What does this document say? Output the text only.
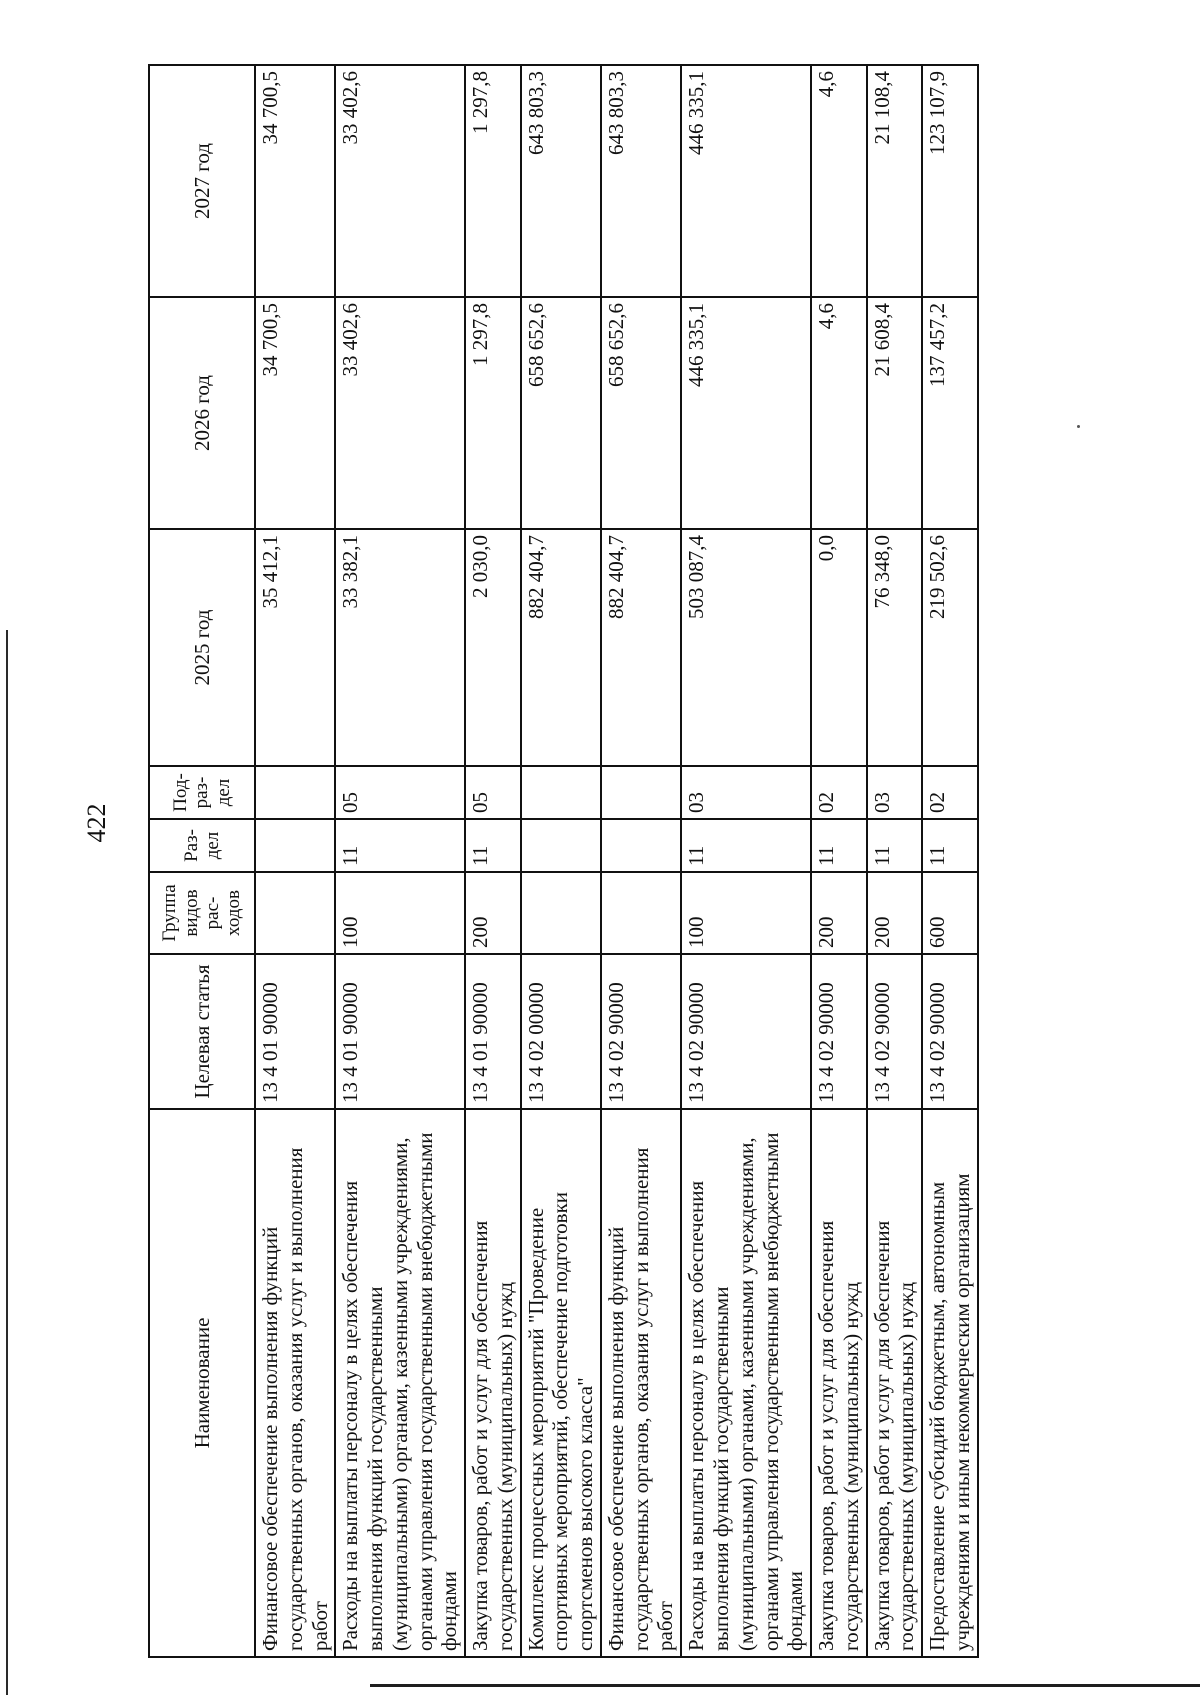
422
Наименование	Целевая статья	Группа видов рас-ходов	Раз-дел	Под-раз-дел	2025 год	2026 год	2027 год
Финансовое обеспечение выполнения функций государственных органов, оказания услуг и выполнения работ	13 4 01 90000				35 412,1	34 700,5	34 700,5
Расходы на выплаты персоналу в целях обеспечения выполнения функций государственными (муниципальными) органами, казенными учреждениями, органами управления государственными внебюджетными фондами	13 4 01 90000	100	11	05	33 382,1	33 402,6	33 402,6
Закупка товаров, работ и услуг для обеспечения государственных (муниципальных) нужд	13 4 01 90000	200	11	05	2 030,0	1 297,8	1 297,8
Комплекс процессных мероприятий "Проведение спортивных мероприятий, обеспечение подготовки спортсменов высокого класса"	13 4 02 00000				882 404,7	658 652,6	643 803,3
Финансовое обеспечение выполнения функций государственных органов, оказания услуг и выполнения работ	13 4 02 90000				882 404,7	658 652,6	643 803,3
Расходы на выплаты персоналу в целях обеспечения выполнения функций государственными (муниципальными) органами, казенными учреждениями, органами управления государственными внебюджетными фондами	13 4 02 90000	100	11	03	503 087,4	446 335,1	446 335,1
Закупка товаров, работ и услуг для обеспечения государственных (муниципальных) нужд	13 4 02 90000	200	11	02	0,0	4,6	4,6
Закупка товаров, работ и услуг для обеспечения государственных (муниципальных) нужд	13 4 02 90000	200	11	03	76 348,0	21 608,4	21 108,4
Предоставление субсидий бюджетным, автономным учреждениям и иным некоммерческим организациям	13 4 02 90000	600	11	02	219 502,6	137 457,2	123 107,9
